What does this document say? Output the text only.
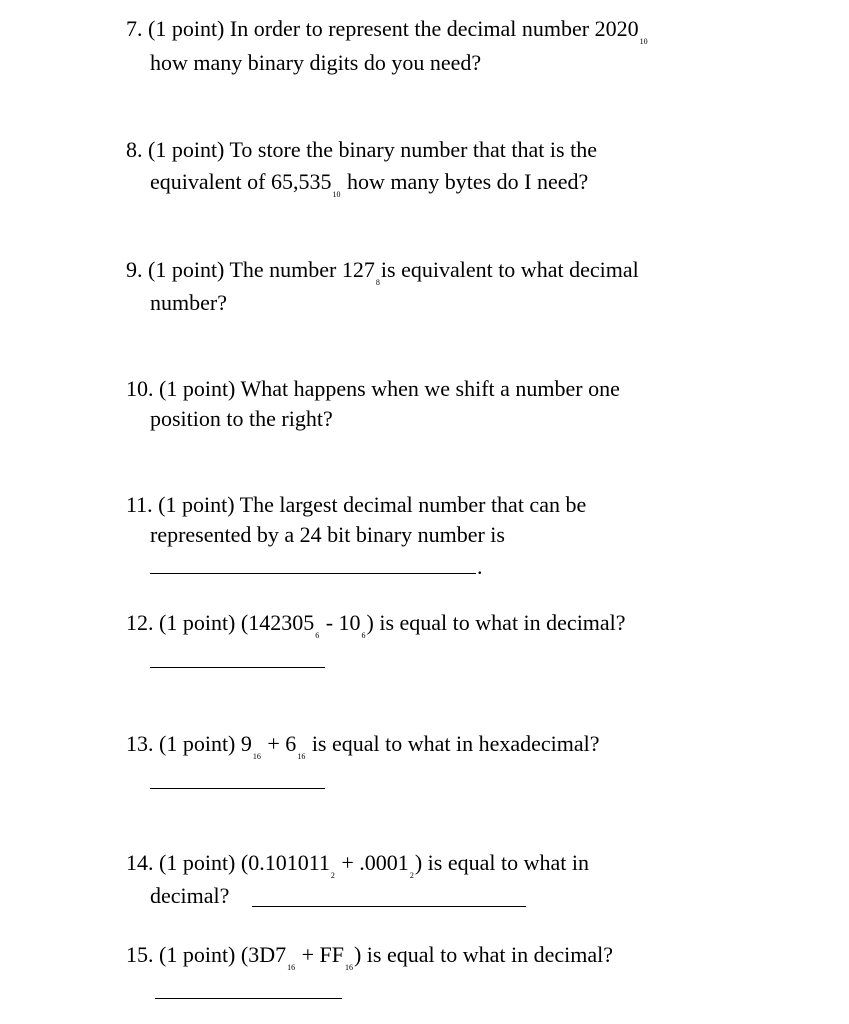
7. (1 point) In order to represent the decimal number $2020_{10}$
how many binary digits do you need?
8. (1 point) To store the binary number that that is the
equivalent of $65,535_{10}$ how many bytes do I need?
9. (1 point) The number $127_8is$ equivalent to what decimal
number?
10. (1 point) What happens when we shift a number one
position to the right?
11. (1 point) The largest decimal number that can be
represented by a 24 bit binary number is
.
12. (1 point) $(142305_6 - 10_6)$ is equal to what in decimal?
13. (1 point) $9_{16} + 6_{16}$ is equal to what in hexadecimal?
14. (1 point) $(0.101011_2 + .0001_2)$ is equal to what in
decimal?
15. (1 point) $(3D7_{16} + FF_{16})$ is equal to what in decimal?
